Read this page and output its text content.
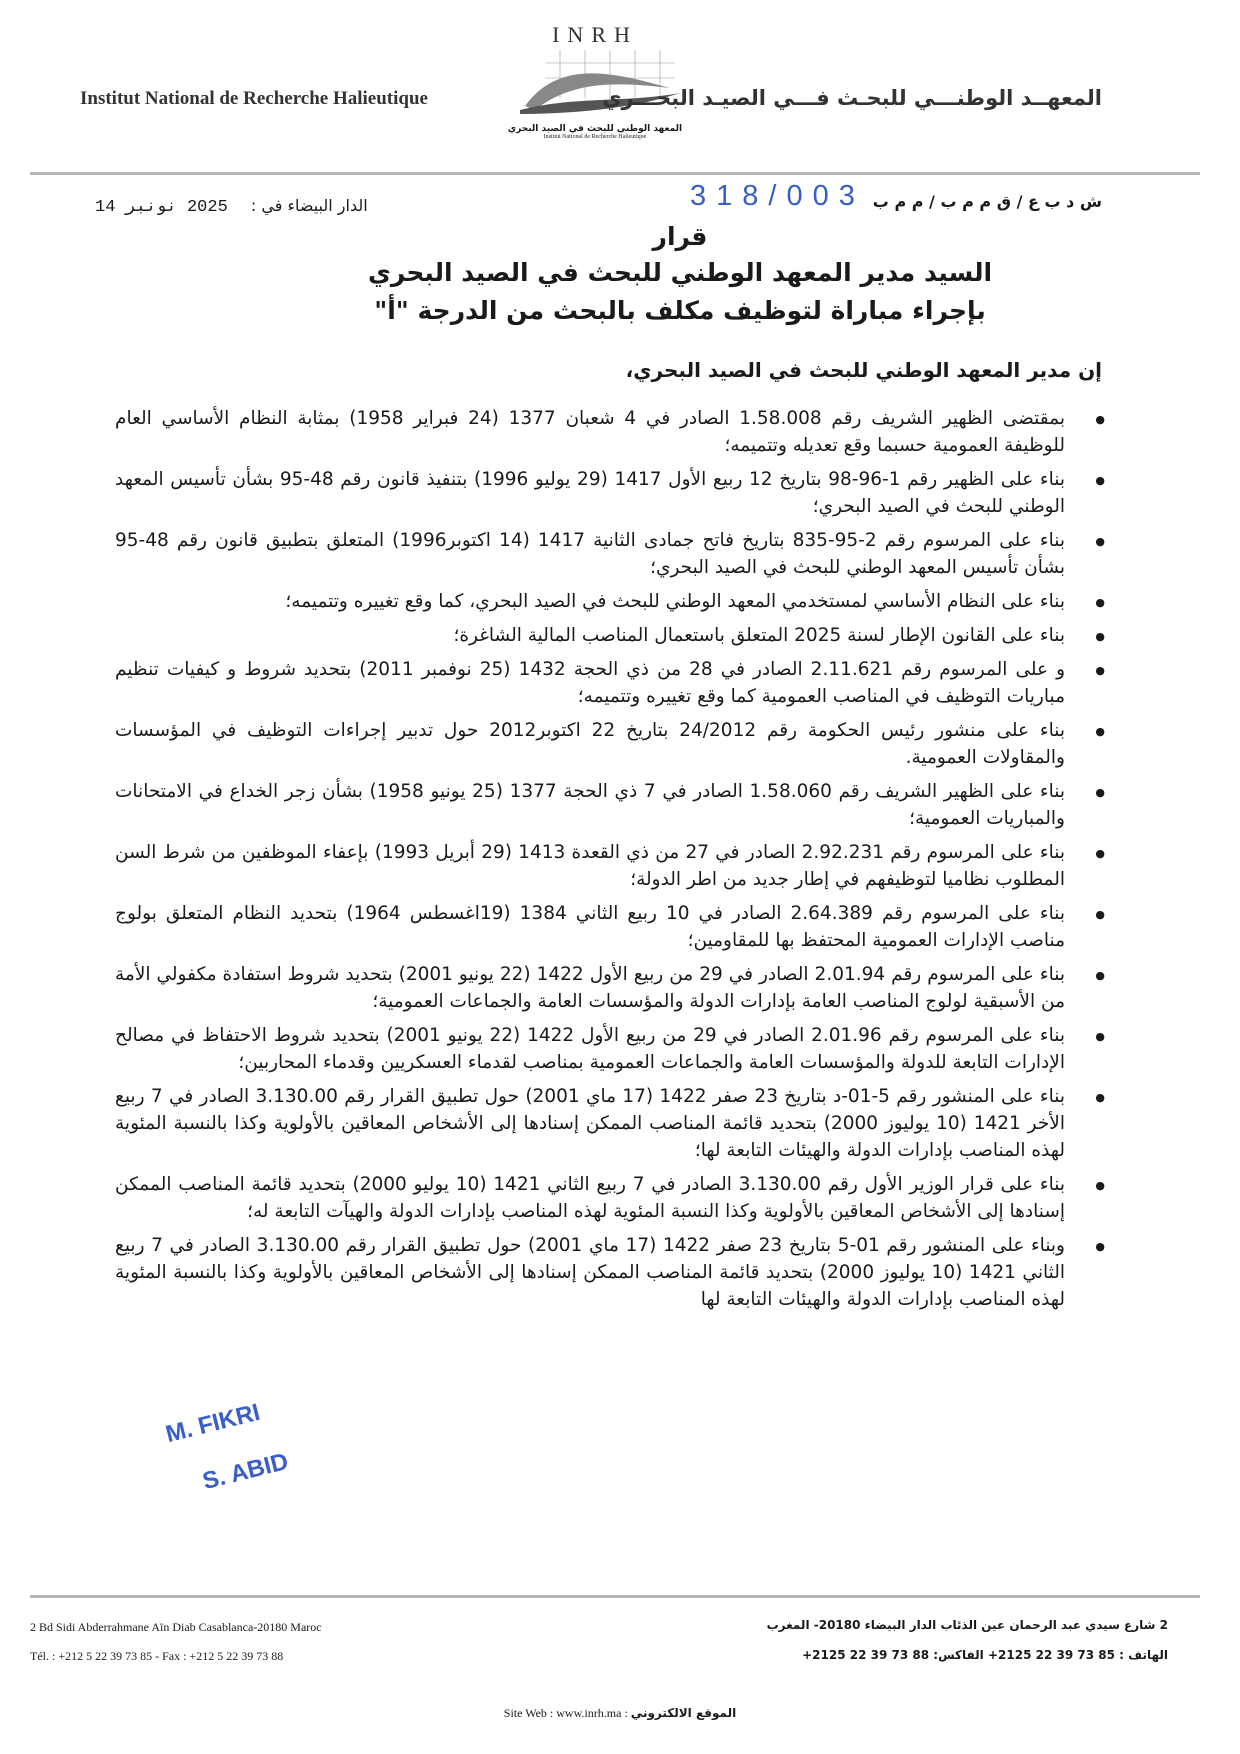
Institut National de Recherche Halieutique
INRH
المعهد الوطني للبحث في الصيد البحري
Institut National de Recherche Halieutique
المعهــد الوطنـــي للبحـث فـــي الصيـد البحـــري
الدار البيضاء في : 2025 نونبر 14	318/003 ش د ب ع / ق م م ب / م م ب
قرار
السيد مدير المعهد الوطني للبحث في الصيد البحري
بإجراء مباراة لتوظيف مكلف بالبحث من الدرجة "أ"
إن مدير المعهد الوطني للبحث في الصيد البحري،
● بمقتضى الظهير الشريف رقم 1.58.008 الصادر في 4 شعبان 1377 (24 فبراير 1958) بمثابة النظام الأساسي العام للوظيفة العمومية حسبما وقع تعديله وتتميمه؛
● بناء على الظهير رقم 1-96-98 بتاريخ 12 ربيع الأول 1417 (29 يوليو 1996) بتنفيذ قانون رقم 48-95 بشأن تأسيس المعهد الوطني للبحث في الصيد البحري؛
● بناء على المرسوم رقم 2-95-835 بتاريخ فاتح جمادى الثانية 1417 (14 اكتوبر1996) المتعلق بتطبيق قانون رقم 48-95 بشأن تأسيس المعهد الوطني للبحث في الصيد البحري؛
● بناء على النظام الأساسي لمستخدمي المعهد الوطني للبحث في الصيد البحري، كما وقع تغييره وتتميمه؛
● بناء على القانون الإطار لسنة 2025 المتعلق باستعمال المناصب المالية الشاغرة؛
● و على المرسوم رقم 2.11.621 الصادر في 28 من ذي الحجة 1432 (25 نوفمبر 2011) بتحديد شروط و كيفيات تنظيم مباريات التوظيف في المناصب العمومية كما وقع تغييره وتتميمه؛
● بناء على منشور رئيس الحكومة رقم 24/2012 بتاريخ 22 اكتوبر2012 حول تدبير إجراءات التوظيف في المؤسسات والمقاولات العمومية.
● بناء على الظهير الشريف رقم 1.58.060 الصادر في 7 ذي الحجة 1377 (25 يونيو 1958) بشأن زجر الخداع في الامتحانات والمباريات العمومية؛
● بناء على المرسوم رقم 2.92.231 الصادر في 27 من ذي القعدة 1413 (29 أبريل 1993) بإعفاء الموظفين من شرط السن المطلوب نظاميا لتوظيفهم في إطار جديد من اطر الدولة؛
● بناء على المرسوم رقم 2.64.389 الصادر في 10 ربيع الثاني 1384 (19اغسطس 1964) بتحديد النظام المتعلق بولوج مناصب الإدارات العمومية المحتفظ بها للمقاومين؛
● بناء على المرسوم رقم 2.01.94 الصادر في 29 من ربيع الأول 1422 (22 يونيو 2001) بتحديد شروط استفادة مكفولي الأمة من الأسبقية لولوج المناصب العامة بإدارات الدولة والمؤسسات العامة والجماعات العمومية؛
● بناء على المرسوم رقم 2.01.96 الصادر في 29 من ربيع الأول 1422 (22 يونيو 2001) بتحديد شروط الاحتفاظ في مصالح الإدارات التابعة للدولة والمؤسسات العامة والجماعات العمومية بمناصب لقدماء العسكريين وقدماء المحاربين؛
● بناء على المنشور رقم 5-01-د بتاريخ 23 صفر 1422 (17 ماي 2001) حول تطبيق القرار رقم 3.130.00 الصادر في 7 ربيع الأخر 1421 (10 يوليوز 2000) بتحديد قائمة المناصب الممكن إسنادها إلى الأشخاص المعاقين بالأولوية وكذا بالنسبة المئوية لهذه المناصب بإدارات الدولة والهيئات التابعة لها؛
● بناء على قرار الوزير الأول رقم 3.130.00 الصادر في 7 ربيع الثاني 1421 (10 يوليو 2000) بتحديد قائمة المناصب الممكن إسنادها إلى الأشخاص المعاقين بالأولوية وكذا النسبة المئوية لهذه المناصب بإدارات الدولة والهيآت التابعة له؛
● وبناء على المنشور رقم 01-5 بتاريخ 23 صفر 1422 (17 ماي 2001) حول تطبيق القرار رقم 3.130.00 الصادر في 7 ربيع الثاني 1421 (10 يوليوز 2000) بتحديد قائمة المناصب الممكن إسنادها إلى الأشخاص المعاقين بالأولوية وكذا بالنسبة المئوية لهذه المناصب بإدارات الدولة والهيئات التابعة لها
M. FIKRI
S. ABID
2 Bd Sidi Abderrahmane Aïn Diab Casablanca-20180 Maroc
Tél. : +212 5 22 39 73 85 - Fax : +212 5 22 39 73 88
2 شارع سيدي عبد الرحمان عين الذئاب الدار البيضاء 20180- المغرب
الهاتف : 85 73 39 22 2125+ الفاكس: 88 73 39 22 2125+
Site Web : www.inrh.ma : الموقع الالكتروني
